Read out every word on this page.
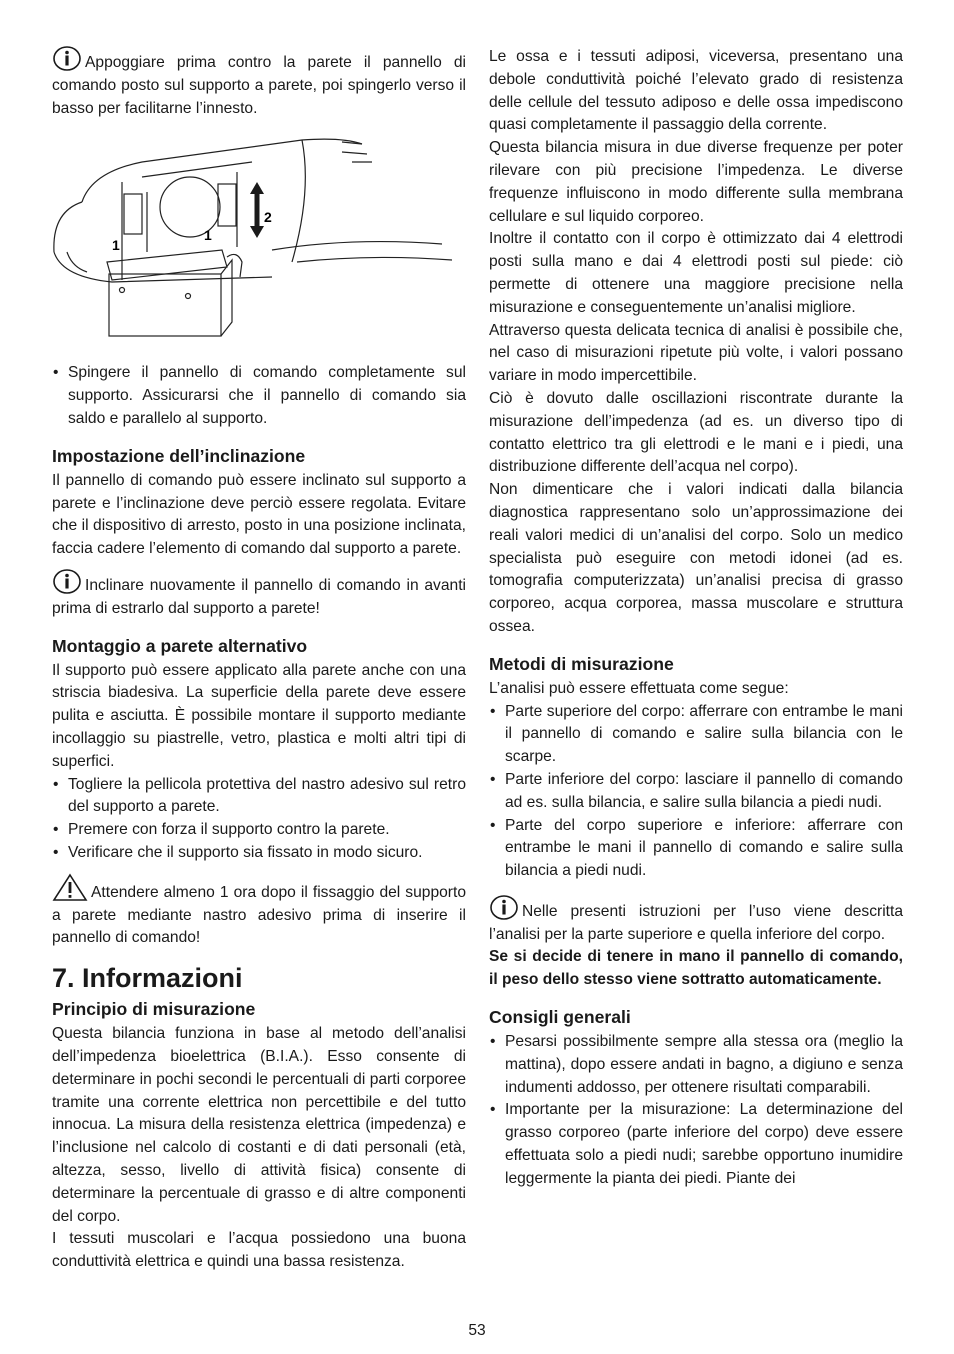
Appoggiare prima contro la parete il pannello di comando posto sul supporto a parete, poi spingerlo verso il basso per facilitarne l’innesto.

1
1
2
• Spingere il pannello di comando completamente sul supporto. Assicurarsi che il pannello di comando sia saldo e parallelo al supporto.
Impostazione dell’inclinazione

Il pannello di comando può essere inclinato sul supporto a parete e l’inclinazione deve perciò essere regolata. Evitare che il dispositivo di arresto, posto in una posizione inclinata, faccia cadere l’elemento di comando dal supporto a parete.

Inclinare nuovamente il pannello di comando in avanti prima di estrarlo dal supporto a parete!

Montaggio a parete alternativo

Il supporto può essere applicato alla parete anche con una striscia biadesiva. La superficie della parete deve essere pulita e asciutta. È possibile montare il supporto mediante incollaggio su piastrelle, vetro, plastica e molti altri tipi di superfici.

• Togliere la pellicola protettiva del nastro adesivo sul retro del supporto a parete.
• Premere con forza il supporto contro la parete.
• Verificare che il supporto sia fissato in modo sicuro.

Attendere almeno 1 ora dopo il fissaggio del supporto a parete mediante nastro adesivo prima di inserire il pannello di comando!

7. Informazioni
Principio di misurazione

Questa bilancia funziona in base al metodo dell’analisi dell’impedenza bioelettrica (B.I.A.). Esso consente di determinare in pochi secondi le percentuali di parti corporee tramite una corrente elettrica non percettibile e del tutto innocua. La misura della resistenza elettrica (impedenza) e l’inclusione nel calcolo di costanti e di dati personali (età, altezza, sesso, livello di attività fisica) consente di determinare la percentuale di grasso e di altre componenti del corpo.

I tessuti muscolari e l’acqua possiedono una buona conduttività elettrica e quindi una bassa resistenza.

Le ossa e i tessuti adiposi, viceversa, presentano una debole conduttività poiché l’elevato grado di resistenza delle cellule del tessuto adiposo e delle ossa impediscono quasi completamente il passaggio della corrente.

Questa bilancia misura in due diverse frequenze per poter rilevare con più precisione l’impedenza. Le diverse frequenze influiscono in modo differente sulla membrana cellulare e sul liquido corporeo.

Inoltre il contatto con il corpo è ottimizzato dai 4 elettrodi posti sulla mano e dai 4 elettrodi posti sul piede: ciò permette di ottenere una maggiore precisione nella misurazione e conseguentemente un’analisi migliore.

Attraverso questa delicata tecnica di analisi è possibile che, nel caso di misurazioni ripetute più volte, i valori possano variare in modo impercettibile.

Ciò è dovuto dalle oscillazioni riscontrate durante la misurazione dell’impedenza (ad es. un diverso tipo di contatto elettrico tra gli elettrodi e le mani e i piedi, una distribuzione differente dell’acqua nel corpo).

Non dimenticare che i valori indicati dalla bilancia diagnostica rappresentano solo un’approssimazione dei reali valori medici di un’analisi del corpo. Solo un medico specialista può eseguire con metodi idonei (ad es. tomografia computerizzata) un’analisi precisa di grasso corporeo, acqua corporea, massa muscolare e struttura ossea.

Metodi di misurazione

L’analisi può essere effettuata come segue:

• Parte superiore del corpo: afferrare con entrambe le mani il pannello di comando e salire sulla bilancia con le scarpe.
• Parte inferiore del corpo: lasciare il pannello di comando ad es. sulla bilancia, e salire sulla bilancia a piedi nudi.
• Parte del corpo superiore e inferiore: afferrare con entrambe le mani il pannello di comando e salire sulla bilancia a piedi nudi.

Nelle presenti istruzioni per l’uso viene descritta l’analisi per la parte superiore e quella inferiore del corpo.

Se si decide di tenere in mano il pannello di comando, il peso dello stesso viene sottratto automaticamente.

Consigli generali
• Pesarsi possibilmente sempre alla stessa ora (meglio la mattina), dopo essere andati in bagno, a digiuno e senza indumenti addosso, per ottenere risultati comparabili.
• Importante per la misurazione: La determinazione del grasso corporeo (parte inferiore del corpo) deve essere effettuata solo a piedi nudi; sarebbe opportuno inumidire leggermente la pianta dei piedi. Piante dei
53
